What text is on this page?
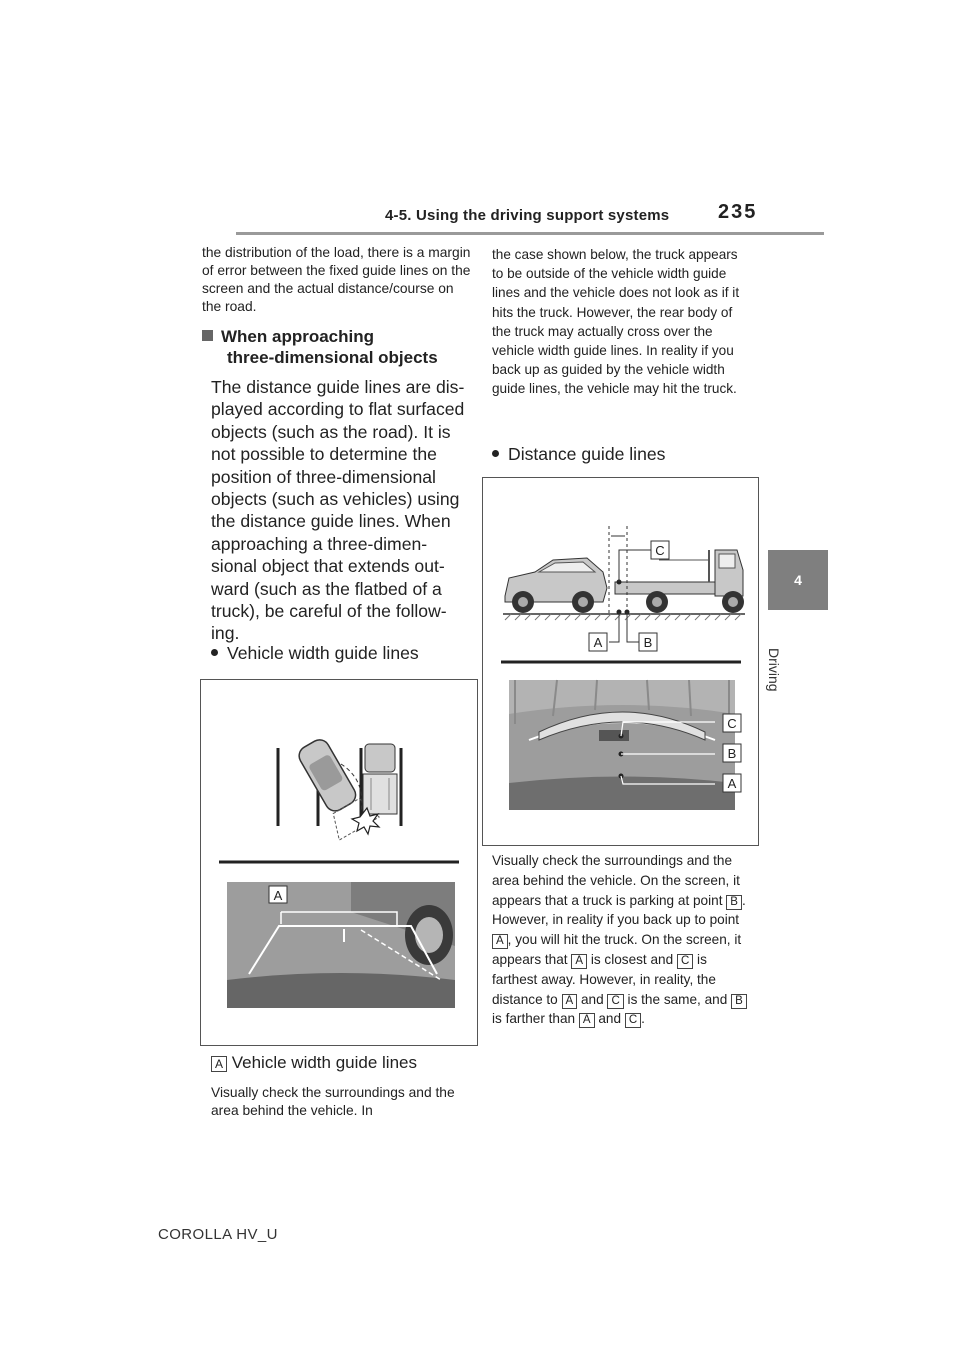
4-5. Using the driving support systems 235
4
Driving
the distribution of the load, there is a margin of error between the fixed guide lines on the screen and the actual distance/course on the road.
When approaching
three-dimensional objects
The distance guide lines are dis-played according to flat surfaced objects (such as the road). It is not possible to determine the position of three-dimensional objects (such as vehicles) using the distance guide lines. When approaching a three-dimen-sional object that extends out-ward (such as the flatbed of a truck), be careful of the follow-ing.
Vehicle width guide lines
A
A Vehicle width guide lines
Visually check the surroundings and the area behind the vehicle. In
the case shown below, the truck appears to be outside of the vehicle width guide lines and the vehicle does not look as if it hits the truck. However, the rear body of the truck may actually cross over the vehicle width guide lines. In reality if you back up as guided by the vehicle width guide lines, the vehicle may hit the truck.
Distance guide lines
C
A	B
C
B
A
Visually check the surroundings and the area behind the vehicle. On the screen, it appears that a truck is parking at point B . However, in reality if you back up to point A , you will hit the truck. On the screen, it appears that A is closest and C is farthest away. However, in reality, the distance to A and C is the same, and B is farther than A and C .
COROLLA HV_U
